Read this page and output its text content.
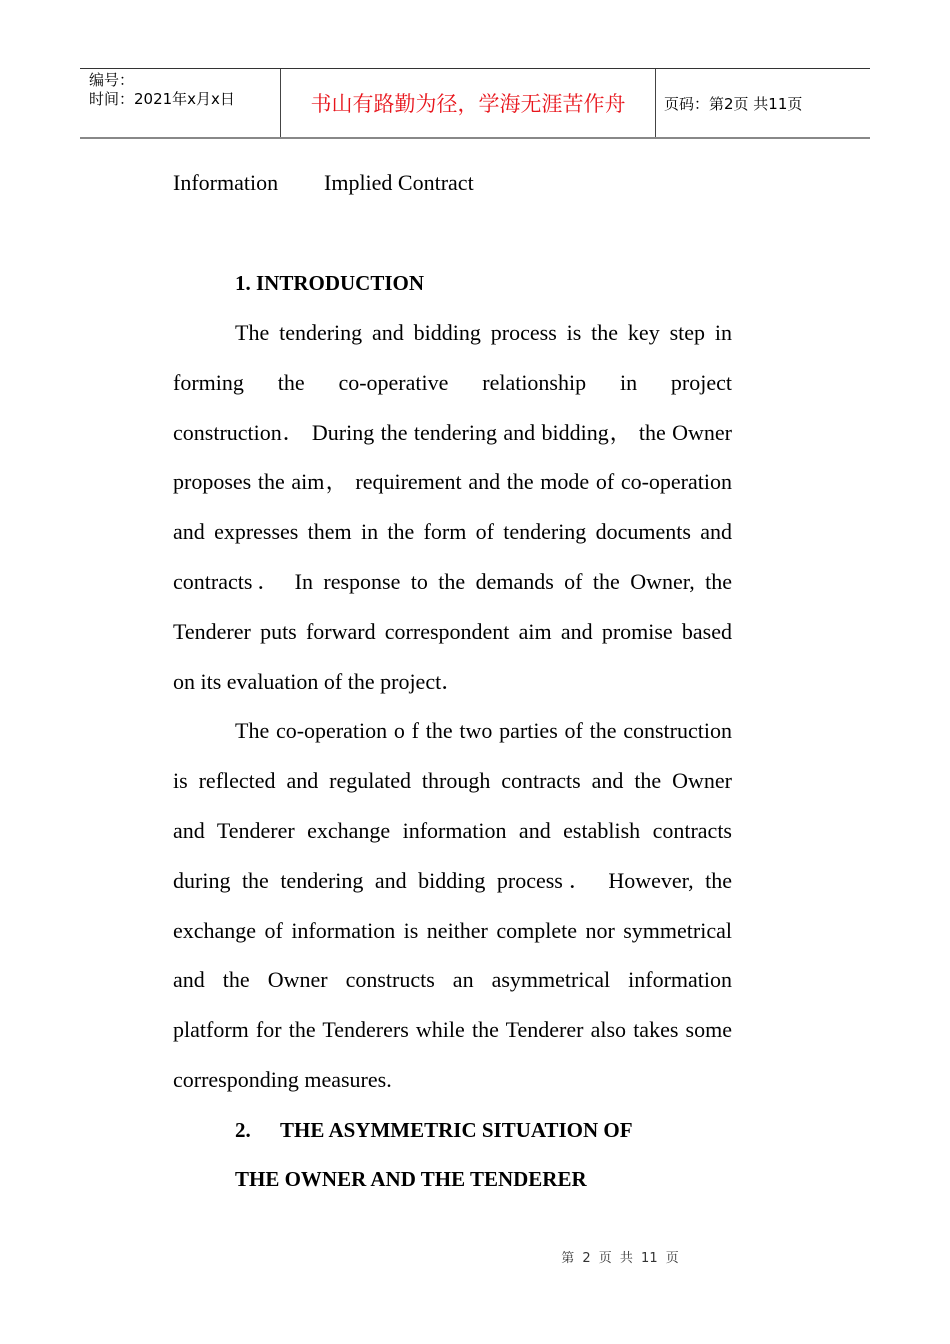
编号：
时间：2021年x月x日	书山有路勤为径，学海无涯苦作舟	页码：第2页 共11页
Information Implied Contract
1. INTRODUCTION
The tendering and bidding process is the key step in
forming the co-operative relationship in project
construction． During the tendering and bidding， the Owner
proposes the aim， requirement and the mode of co-operation
and expresses them in the form of tendering documents and
contracts． In response to the demands of the Owner, the
Tenderer puts forward correspondent aim and promise based
on its evaluation of the project．
The co-operation o f the two parties of the construction
is reflected and regulated through contracts and the Owner
and Tenderer exchange information and establish contracts
during the tendering and bidding process． However, the
exchange of information is neither complete nor symmetrical
and the Owner constructs an asymmetrical information
platform for the Tenderers while the Tenderer also takes some
corresponding measures.
2. THE ASYMMETRIC SITUATION OF
THE OWNER AND THE TENDERER
第 2 页 共 11 页
